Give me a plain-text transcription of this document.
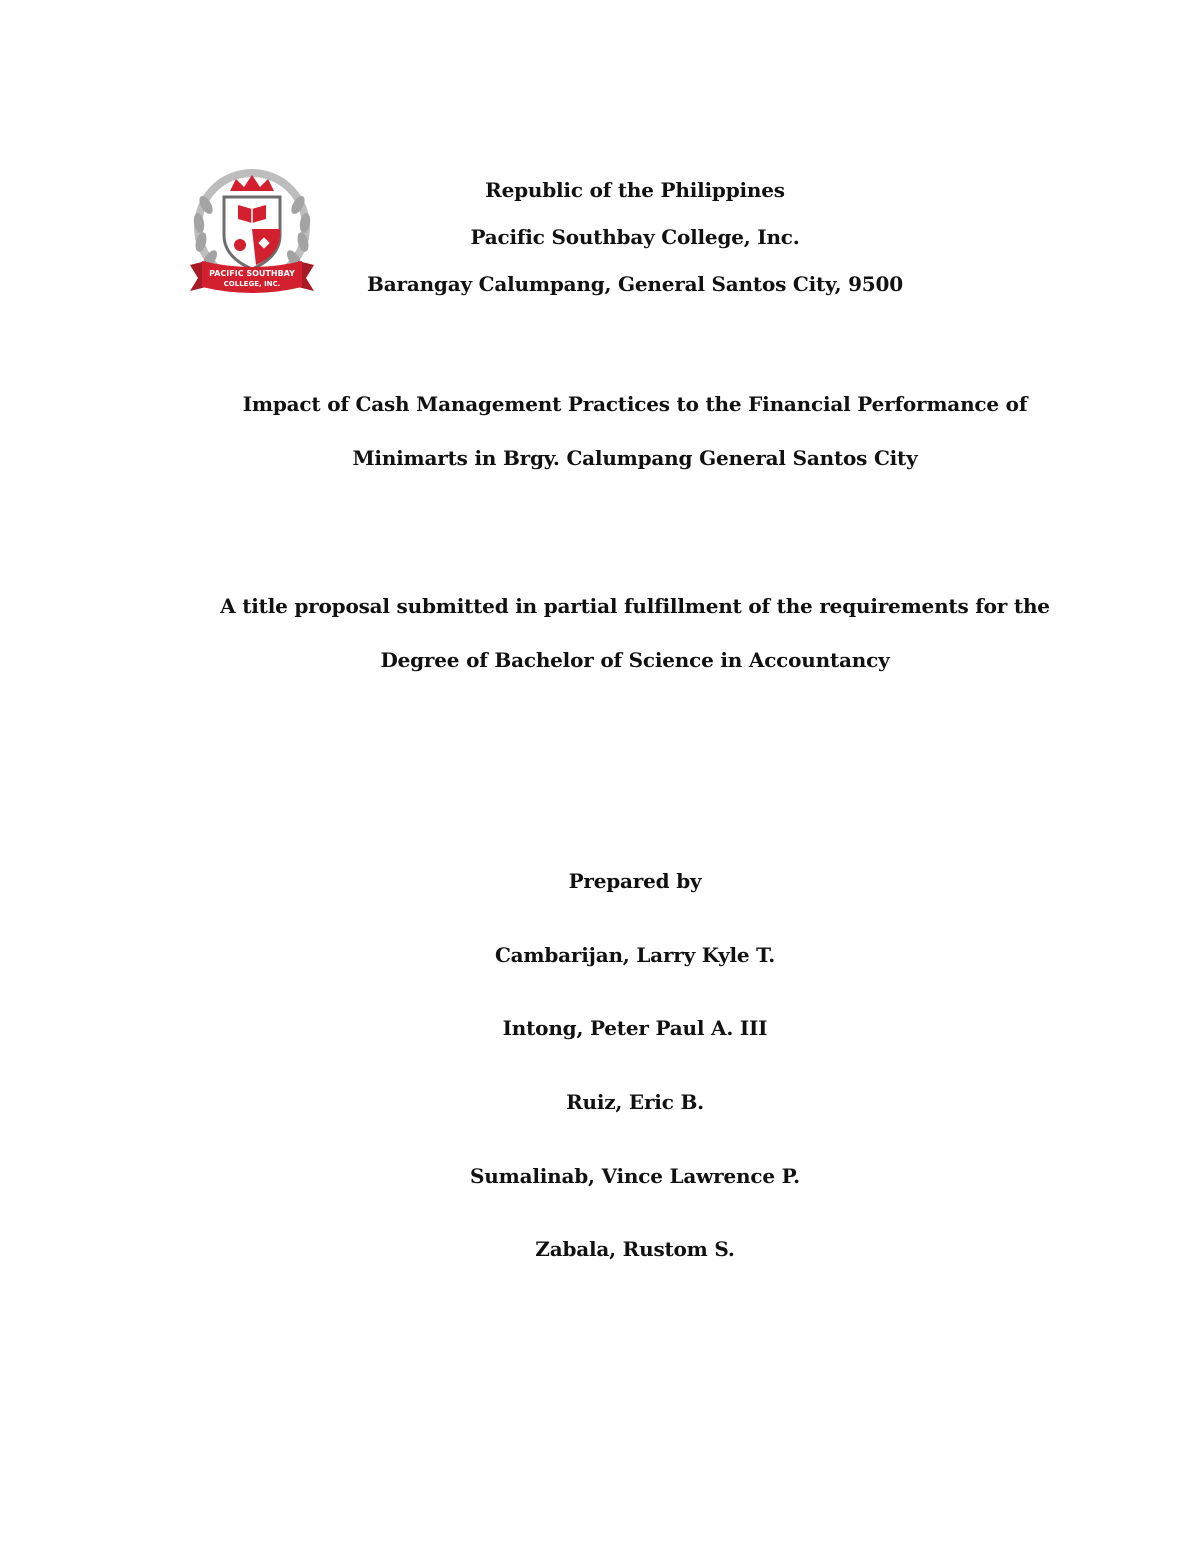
PACIFIC SOUTHBAY
COLLEGE, INC.
Republic of the Philippines
Pacific Southbay College, Inc.
Barangay Calumpang, General Santos City, 9500
Impact of Cash Management Practices to the Financial Performance of
Minimarts in Brgy. Calumpang General Santos City
A title proposal submitted in partial fulfillment of the requirements for the
Degree of Bachelor of Science in Accountancy
Prepared by
Cambarijan, Larry Kyle T.
Intong, Peter Paul A. III
Ruiz, Eric B.
Sumalinab, Vince Lawrence P.
Zabala, Rustom S.
